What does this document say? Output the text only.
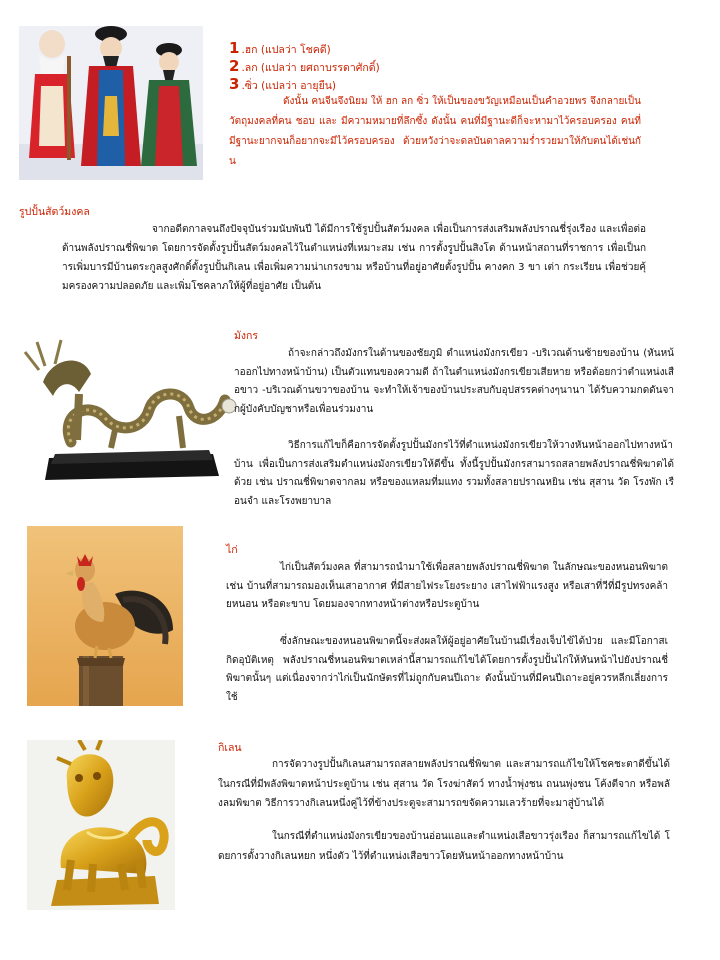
1 .ฮก (แปลว่า โชคดี)
2 .ลก (แปลว่า ยศถาบรรดาศักดิ์)
3 .ซิ่ว (แปลว่า อายุยืน)

ดังนั้น คนจีนจึงนิยม ให้ ฮก ลก ซิ่ว ให้เป็นของขวัญเหมือนเป็นคำอวยพร จึงกลายเป็นวัตถุมงคลที่คน ชอบ และ มีความหมายที่ลึกซึ้ง ดังนั้น คนที่มีฐานะดีก็จะหามาไว้ครอบครอง คนที่มีฐานะยากจนก็อยากจะมีไว้ครอบครอง ด้วยหวังว่าจะดลบันดาลความร่ำรวยมาให้กับตนได้เช่นกัน

รูปปั้นสัตว์มงคล

จากอดีตกาลจนถึงปัจจุบันร่วมนับพันปี ได้มีการใช้รูปปั้นสัตว์มงคล เพื่อเป็นการส่งเสริมพลังปราณชี่รุ่งเรือง และเพื่อต่อต้านพลังปราณชี่พิฆาต โดยการจัดตั้งรูปปั้นสัตว์มงคลไว้ในตำแหน่งที่เหมาะสม เช่น การตั้งรูปปั้นสิงโต ด้านหน้าสถานที่ราชการ เพื่อเป็นการเพิ่มบารมีบ้านตระกูลสูงศักดิ์ตั้งรูปปั้นกิเลน เพื่อเพิ่มความน่าเกรงขาม หรือบ้านที่อยู่อาศัยตั้งรูปปั้น คางคก 3 ขา เต่า กระเรียน เพื่อช่วยคุ้มครองความปลอดภัย และเพิ่มโชคลาภให้ผู้ที่อยู่อาศัย เป็นต้น

มังกร

ถ้าจะกล่าวถึงมังกรในด้านของชัยภูมิ ตำแหน่งมังกรเขียว -บริเวณด้านซ้ายของบ้าน (หันหน้าออกไปทางหน้าบ้าน) เป็นตัวแทนของความดี ถ้าในตำแหน่งมังกรเขียวเสียหาย หรือด้อยกว่าตำแหน่งเสือขาว -บริเวณด้านขวาของบ้าน จะทำให้เจ้าของบ้านประสบกับอุปสรรคต่างๆนานา ได้รับความกดดันจากผู้บังคับบัญชาหรือเพื่อนร่วมงาน

วิธีการแก้ไขก็คือการจัดตั้งรูปปั้นมังกรไว้ที่ตำแหน่งมังกรเขียวให้วางหันหน้าออกไปทางหน้าบ้าน เพื่อเป็นการส่งเสริมตำแหน่งมังกรเขียวให้ดีขึ้น ทั้งนี้รูปปั้นมังกรสามารถสลายพลังปราณชี่พิฆาตได้ด้วย เช่น ปราณชี่พิฆาตจากลม หรือของแหลมที่มแทง รวมทั้งสลายปราณหยิน เช่น สุสาน วัด โรงพัก เรือนจำ และโรงพยาบาล

ไก่

ไก่เป็นสัตว์มงคล ที่สามารถนำมาใช้เพื่อสลายพลังปราณชี่พิฆาต ในลักษณะของหนอนพิฆาต เช่น บ้านที่สามารถมองเห็นเสาอากาศ ที่มีสายไฟระโยงระยาง เสาไฟฟ้าแรงสูง หรือเสาที่วีที่มีรูปทรงคล้ายหนอน หรือตะขาบ โดยมองจากทางหน้าต่างหรือประตูบ้าน

ซึ่งลักษณะของหนอนพิฆาตนี้จะส่งผลให้ผู้อยู่อาศัยในบ้านมีเรื่องเจ็บไข้ได้ป่วย และมีโอกาสเกิดอุบัติเหตุ พลังปราณชี่หนอนพิฆาตเหล่านี้สามารถแก้ไขได้โดยการตั้งรูปปั้นไก่ให้หันหน้าไปยังปราณชี่พิฆาตนั้นๆ แต่เนื่องจากว่าไก่เป็นนักษัตรที่ไม่ถูกกับคนปีเถาะ ดังนั้นบ้านที่มีคนปีเถาะอยู่ควรหลีกเลี่ยงการใช้

กิเลน

การจัดวางรูปปั้นกิเลนสามารถสลายพลังปราณชี่พิฆาต และสามารถแก้ไขให้โชคชะตาดีขึ้นได้ ในกรณีที่มีพลังพิฆาตหน้าประตูบ้าน เช่น สุสาน วัด โรงฆ่าสัตว์ ทางน้ำพุ่งชน ถนนพุ่งชน โค้งตีจาก หรือพลังลมพิฆาต วิธีการวางกิเลนหนึ่งคู่ไว้ที่ข้างประตูจะสามารถขจัดความเลวร้ายที่จะมาสู่บ้านได้

ในกรณีที่ตำแหน่งมังกรเขียวของบ้านอ่อนแอและตำแหน่งเสือขาวรุ่งเรือง ก็สามารถแก้ไขได้ โดยการตั้งวางกิเลนหยก หนึ่งตัว ไว้ที่ตำแหน่งเสือขาวโดยหันหน้าออกทางหน้าบ้าน
